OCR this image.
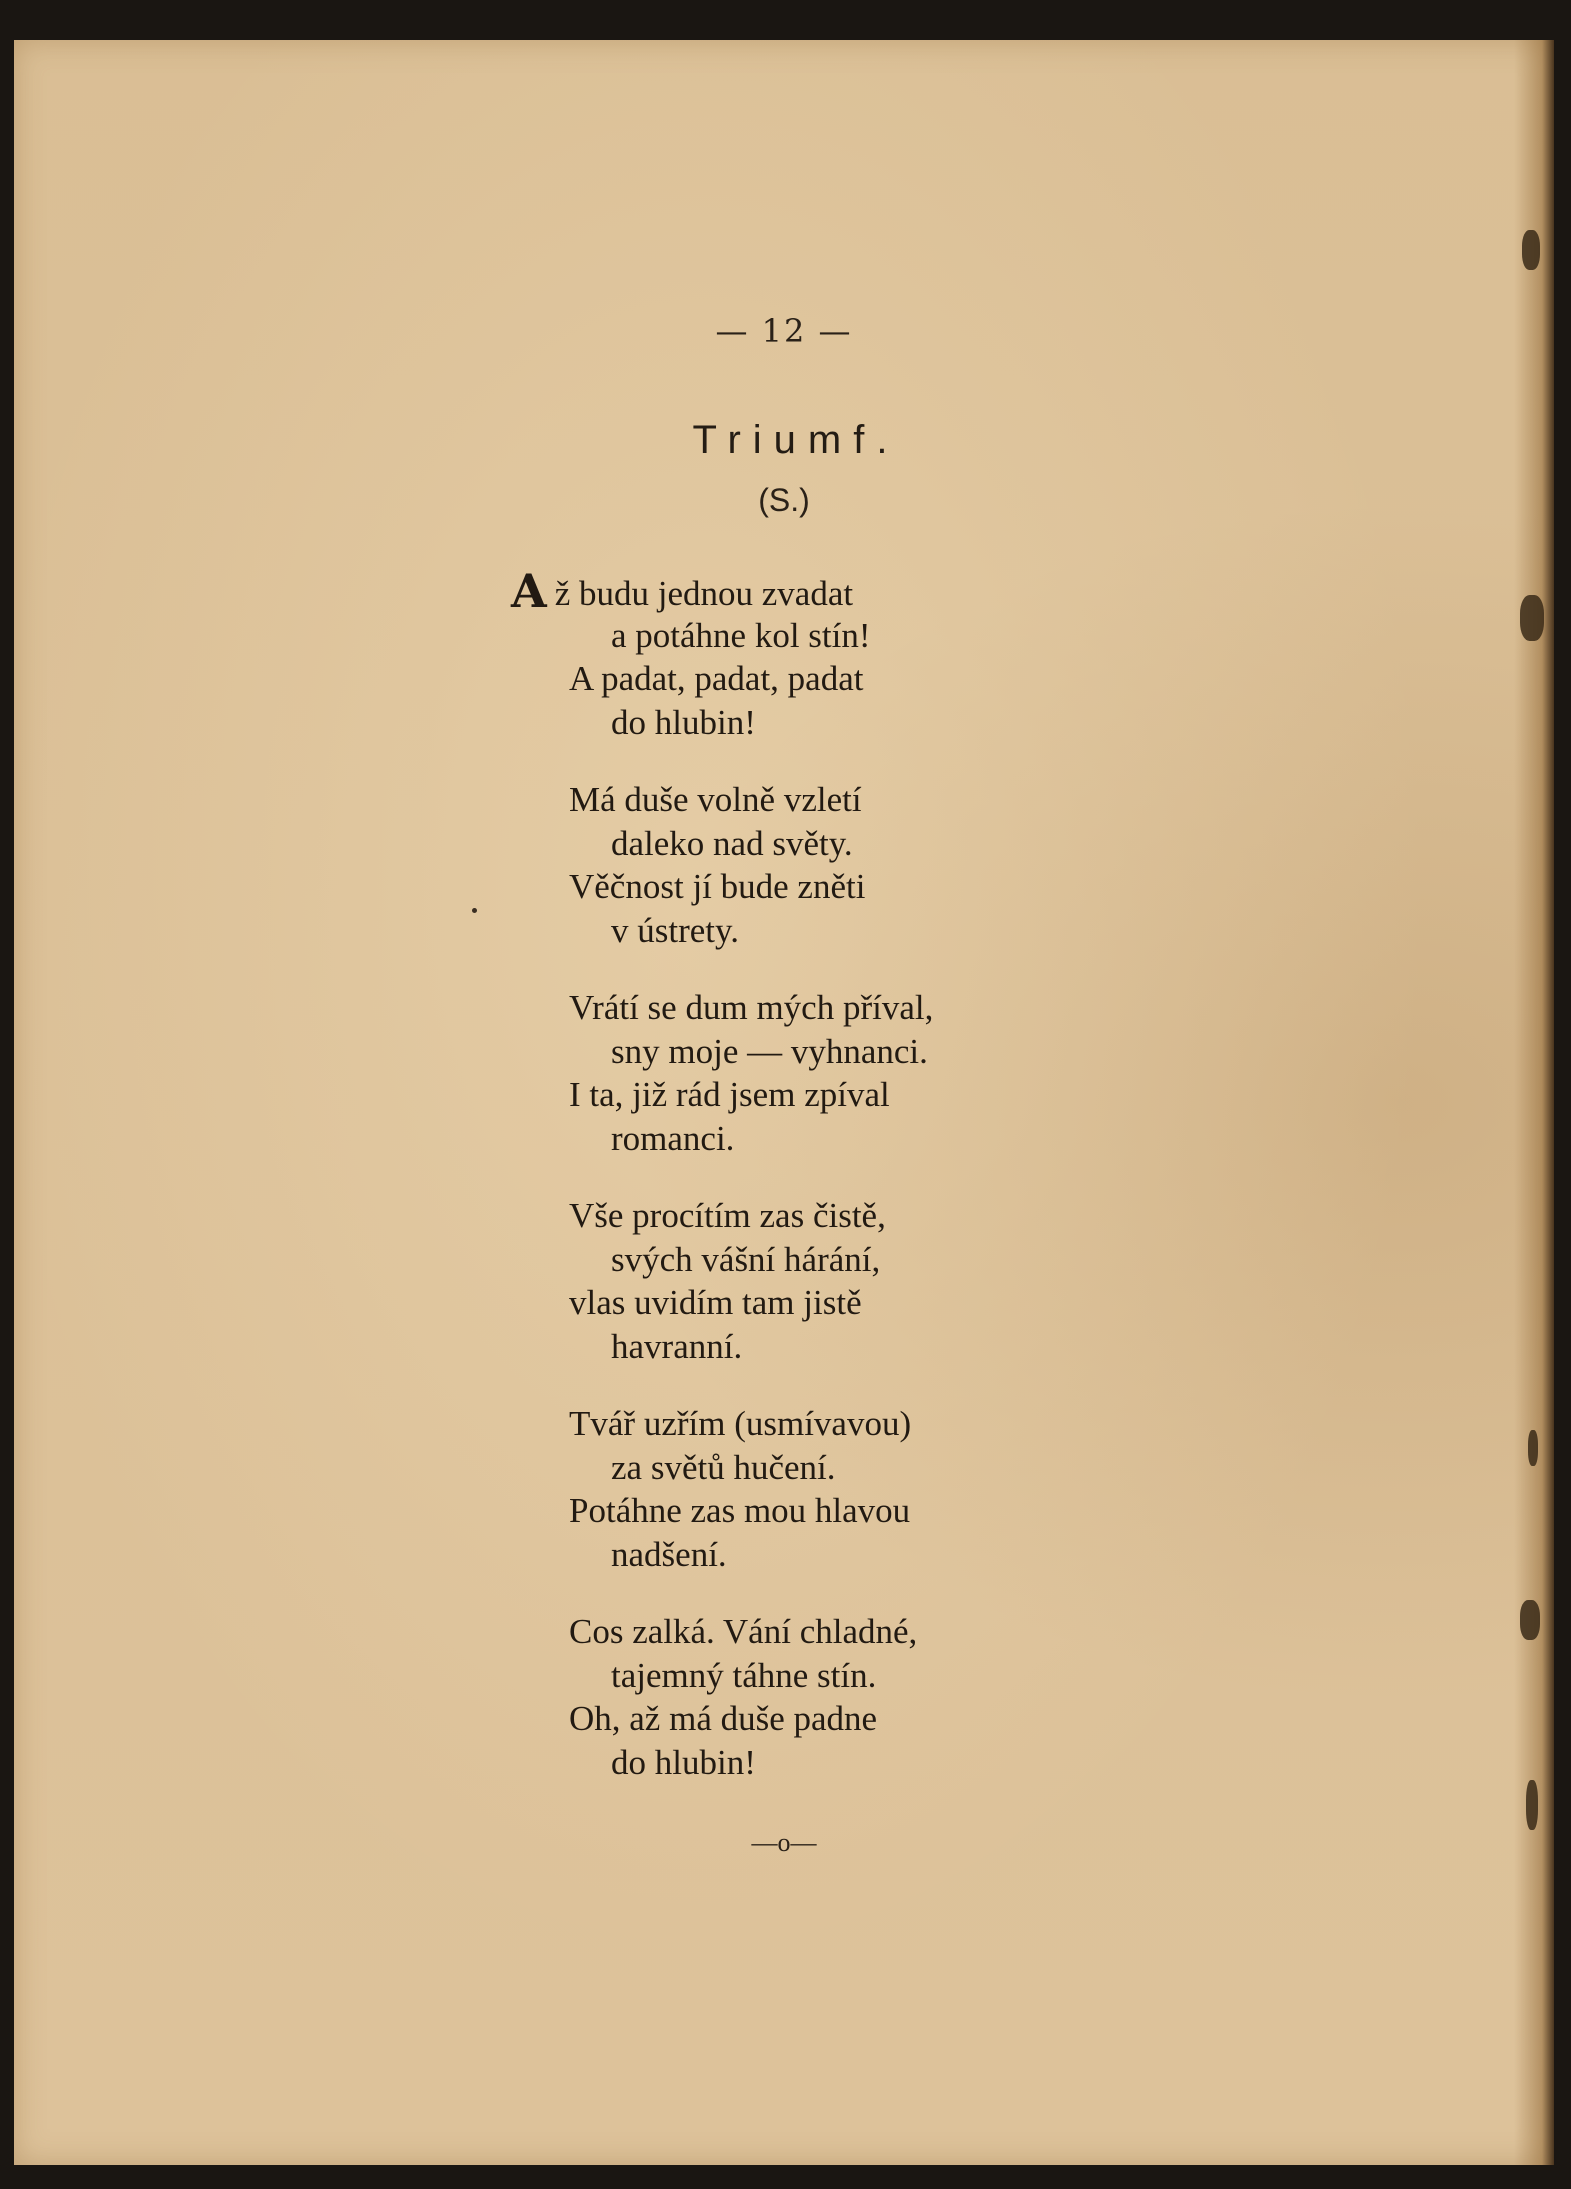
— 12 —
Triumf.
(S.)
A ž budu jednou zvadat
a potáhne kol stín!
A padat, padat, padat
do hlubin!
Má duše volně vzletí
daleko nad světy.
Věčnost jí bude zněti
v ústrety.
Vrátí se dum mých příval,
sny moje — vyhnanci.
I ta, již rád jsem zpíval
romanci.
Vše procítím zas čistě,
svých vášní hárání,
vlas uvidím tam jistě
havranní.
Tvář uzřím (usmívavou)
za světů hučení.
Potáhne zas mou hlavou
nadšení.
Cos zalká. Vání chladné,
tajemný táhne stín.
Oh, až má duše padne
do hlubin!
—o—
